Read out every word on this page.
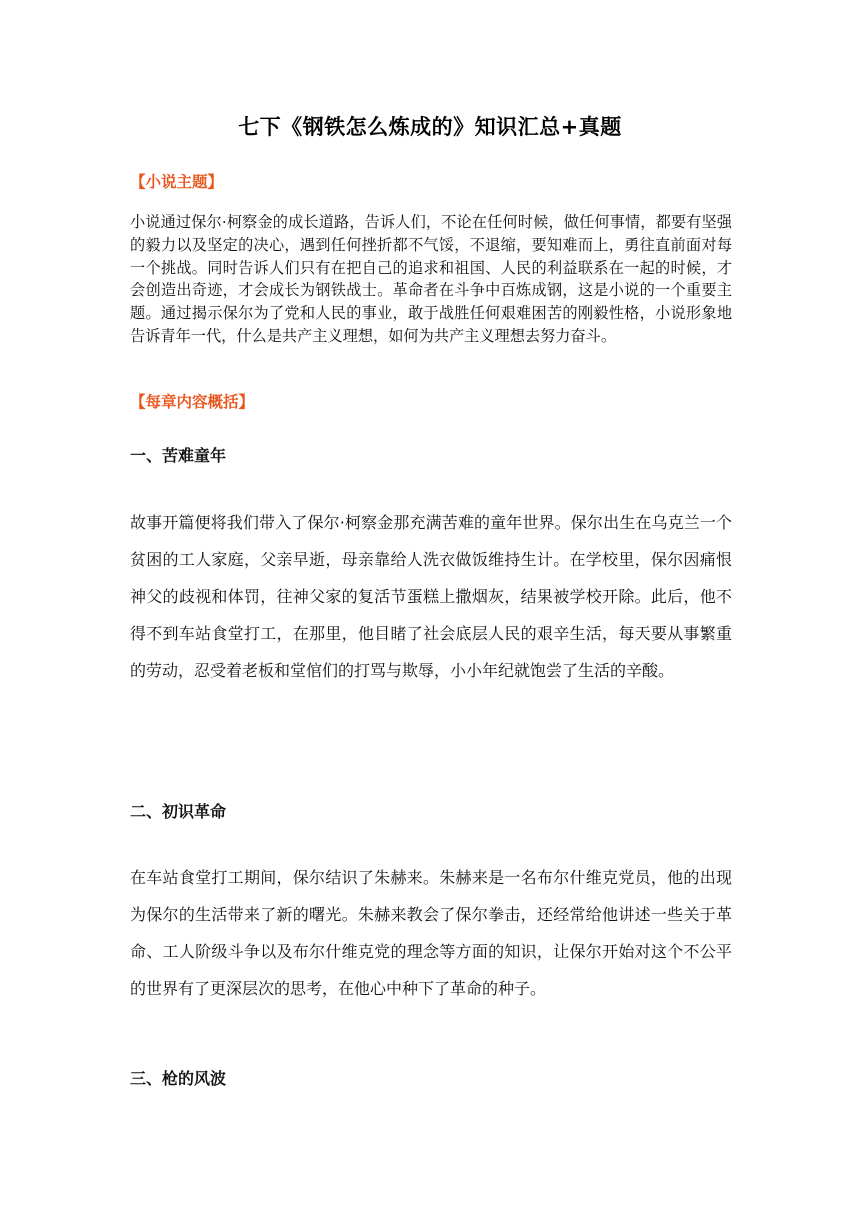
七下《钢铁怎么炼成的》知识汇总+真题
【小说主题】
小说通过保尔·柯察金的成长道路，告诉人们，不论在任何时候，做任何事情，都要有坚强的毅力以及坚定的决心，遇到任何挫折都不气馁，不退缩，要知难而上，勇往直前面对每一个挑战。同时告诉人们只有在把自己的追求和祖国、人民的利益联系在一起的时候，才会创造出奇迹，才会成长为钢铁战士。革命者在斗争中百炼成钢，这是小说的一个重要主题。通过揭示保尔为了党和人民的事业，敢于战胜任何艰难困苦的刚毅性格，小说形象地告诉青年一代，什么是共产主义理想，如何为共产主义理想去努力奋斗。
【每章内容概括】
一、苦难童年
故事开篇便将我们带入了保尔·柯察金那充满苦难的童年世界。保尔出生在乌克兰一个贫困的工人家庭，父亲早逝，母亲靠给人洗衣做饭维持生计。在学校里，保尔因痛恨神父的歧视和体罚，往神父家的复活节蛋糕上撒烟灰，结果被学校开除。此后，他不得不到车站食堂打工，在那里，他目睹了社会底层人民的艰辛生活，每天要从事繁重的劳动，忍受着老板和堂倌们的打骂与欺辱，小小年纪就饱尝了生活的辛酸。
二、初识革命
在车站食堂打工期间，保尔结识了朱赫来。朱赫来是一名布尔什维克党员，他的出现为保尔的生活带来了新的曙光。朱赫来教会了保尔拳击，还经常给他讲述一些关于革命、工人阶级斗争以及布尔什维克党的理念等方面的知识，让保尔开始对这个不公平的世界有了更深层次的思考，在他心中种下了革命的种子。
三、枪的风波
